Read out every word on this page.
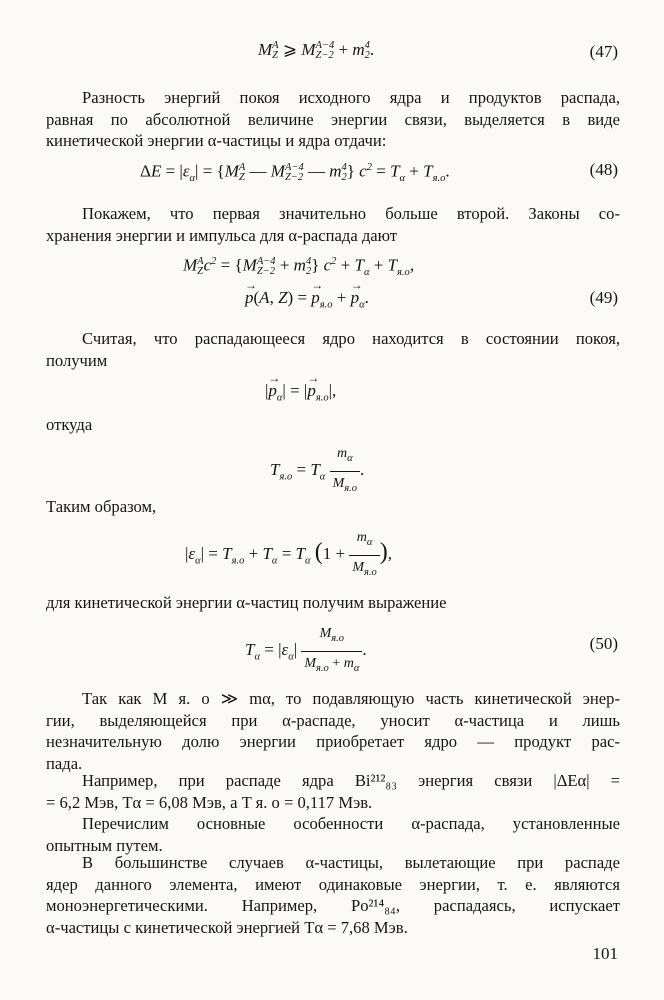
M A
Z ⩾ M A−4
Z−2 + m 4
2 .	(47)
Разность энергий покоя исходного ядра и продуктов распада,
равная по абсолютной величине энергии связи, выделяется в виде
кинетической энергии α-частицы и ядра отдачи:
$\Delta E = |\varepsilon_\alpha| = \{M$ A
Z — M A−4
Z−2 — m 4
2 } $c^2 = T_\alpha + T_{я.о}$.	(48)
Покажем, что первая значительно больше второй. Законы со-
хранения энергии и импульса для α-распада дают
M A
Z $c^2 = \{M$ A−4
Z−2 + m 4
2 } $c^2 + T_\alpha + T_{я.о}$,
→ p(A, Z) = → $p_{я.о}$ + → $p_\alpha$.	(49)
Считая, что распадающееся ядро находится в состоянии покоя,
получим
|→ $p_\alpha|$ = |→ $p_{я.о}|$,
откуда
$T_{я.о} = T_\alpha \frac{m_\alpha}{M_{я.о}}$ .
Таким образом,
$|\varepsilon_\alpha| = T_{я.о} + T_\alpha = T_\alpha$ ($1 + \frac{m_\alpha}{M_{я.о}}$ ),
для кинетической энергии α-частиц получим выражение
$T_\alpha = |\varepsilon_\alpha| \frac{M_{я.о}}{M_{я.о} + m_\alpha}$ .	(50)
Так как M я. о ≫ mα, то подавляющую часть кинетической энер-
гии, выделяющейся при α-распаде, уносит α-частица и лишь
незначительную долю энергии приобретает ядро — продукт рас-
пада.
Например, при распаде ядра Bi²¹²₈₃ энергия связи |ΔEα| =
= 6,2 Мэв, Tα = 6,08 Мэв, а T я. о = 0,117 Мэв.
Перечислим основные особенности α-распада, установленные
опытным путем.
В большинстве случаев α-частицы, вылетающие при распаде
ядер данного элемента, имеют одинаковые энергии, т. е. являются
моноэнергетическими. Например, Po²¹⁴₈₄, распадаясь, испускает
α-частицы с кинетической энергией Tα = 7,68 Мэв.
101
